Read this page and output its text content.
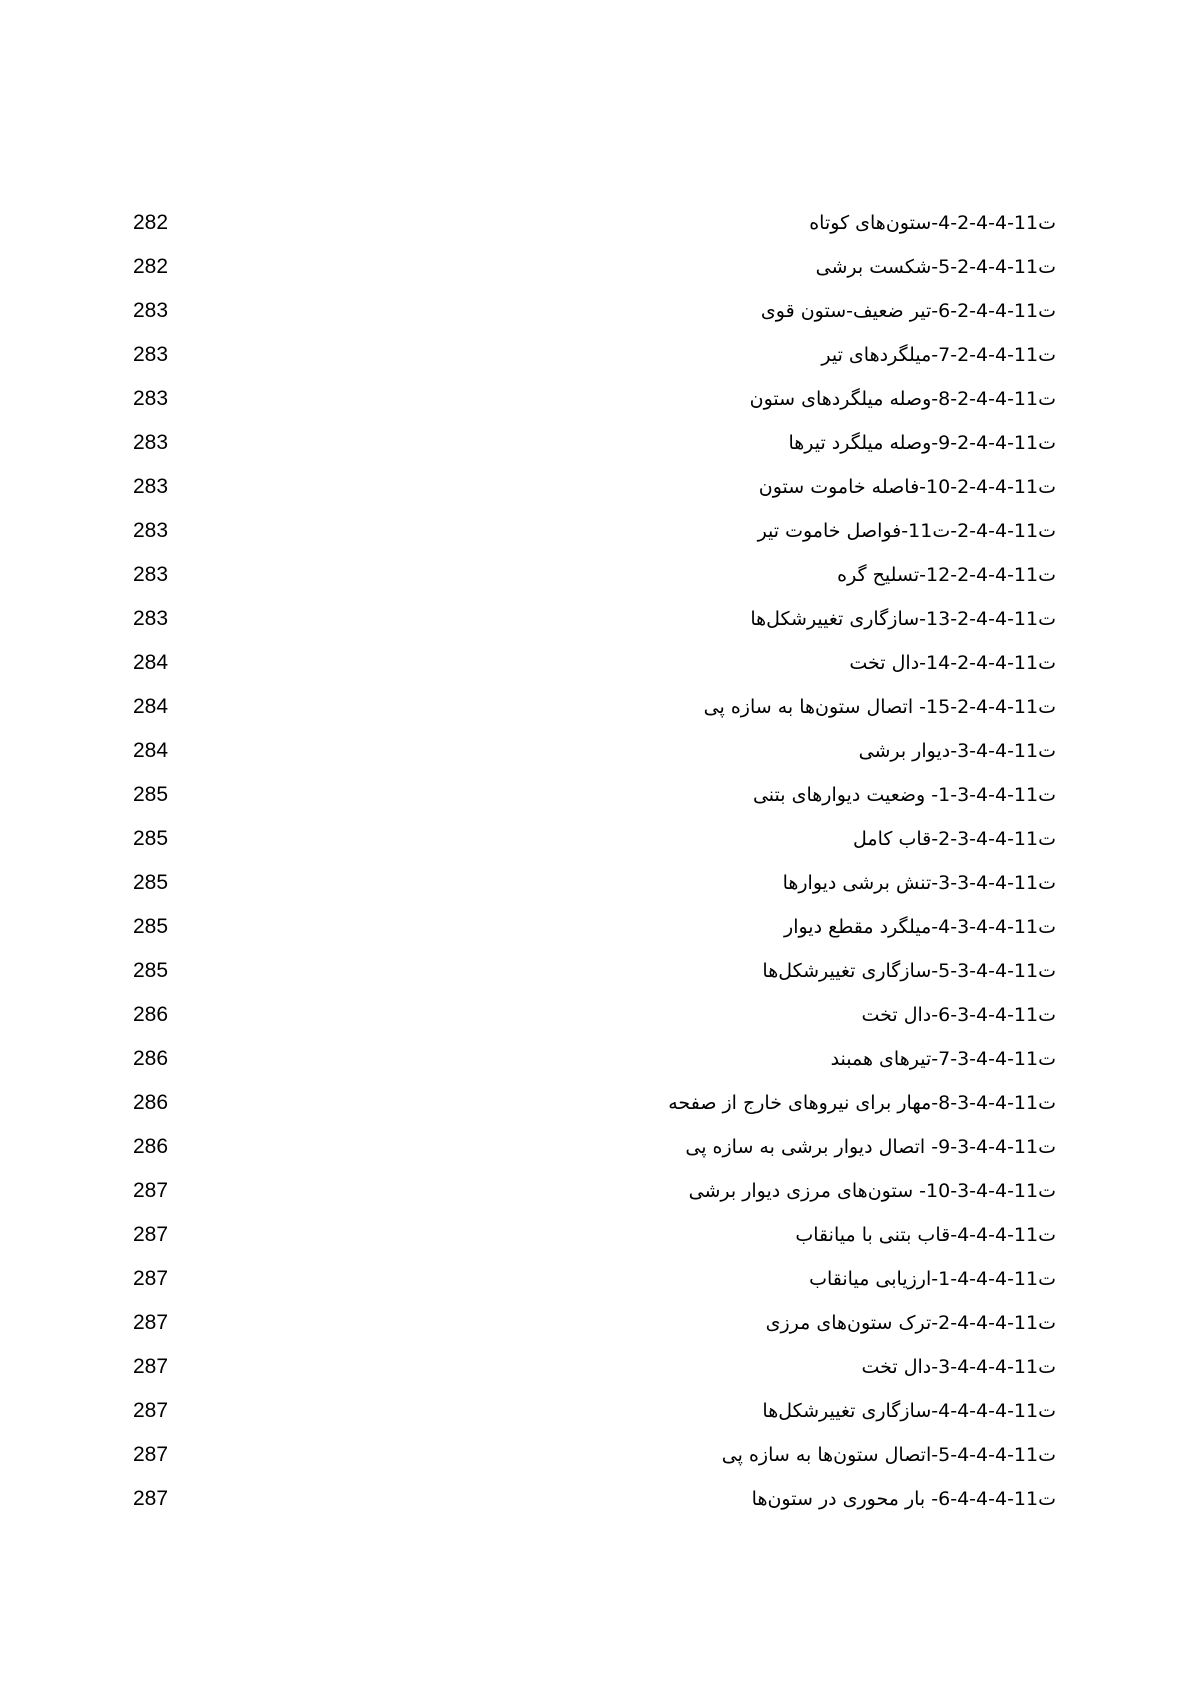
ت11-4-4-2-4-ستون‌های کوتاه
282
ت11-4-4-2-5-شکست برشی
282
ت11-4-4-2-6-تیر ضعیف-ستون قوی
283
ت11-4-4-2-7-میلگردهای تیر
283
ت11-4-4-2-8-وصله میلگردهای ستون
283
ت11-4-4-2-9-وصله میلگرد تیرها
283
ت11-4-4-2-10-فاصله خاموت ستون
283
ت11-4-4-2-ت11-فواصل خاموت تیر
283
ت11-4-4-2-12-تسلیح گره
283
ت11-4-4-2-13-سازگاری تغییرشکل‌ها
283
ت11-4-4-2-14-دال تخت
284
ت11-4-4-2-15- اتصال ستون‌ها به سازه پی
284
ت11-4-4-3-دیوار برشی
284
ت11-4-4-3-1- وضعیت دیوارهای بتنی
285
ت11-4-4-3-2-قاب کامل
285
ت11-4-4-3-3-تنش برشی دیوارها
285
ت11-4-4-3-4-میلگرد مقطع دیوار
285
ت11-4-4-3-5-سازگاری تغییرشکل‌ها
285
ت11-4-4-3-6-دال تخت
286
ت11-4-4-3-7-تیرهای همبند
286
ت11-4-4-3-8-مهار برای نیروهای خارج از صفحه
286
ت11-4-4-3-9- اتصال دیوار برشی به سازه پی
286
ت11-4-4-3-10- ستون‌های مرزی دیوار برشی
287
ت11-4-4-4-قاب بتنی با میانقاب
287
ت11-4-4-4-1-ارزیابی میانقاب
287
ت11-4-4-4-2-ترک ستون‌های مرزی
287
ت11-4-4-4-3-دال تخت
287
ت11-4-4-4-4-سازگاری تغییرشکل‌ها
287
ت11-4-4-4-5-اتصال ستون‌ها به سازه پی
287
ت11-4-4-4-6- بار محوری در ستون‌ها
287
